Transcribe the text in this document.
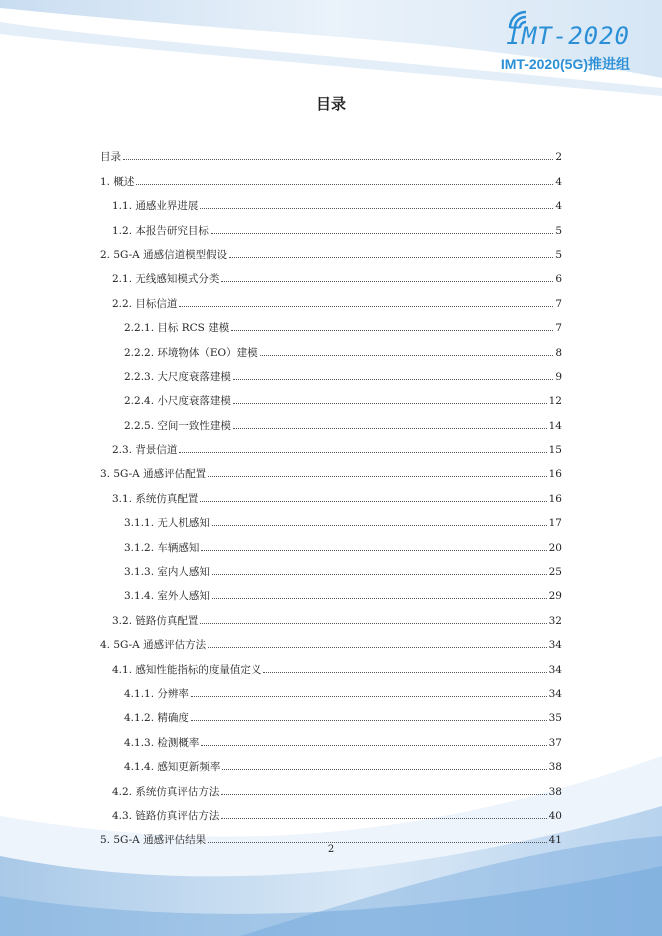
IMT-2020
IMT-2020(5G)推进组
目录
目录	2
1. 概述	4
1.1. 通感业界进展	4
1.2. 本报告研究目标	5
2. 5G-A 通感信道模型假设	5
2.1. 无线感知模式分类	6
2.2. 目标信道	7
2.2.1. 目标 RCS 建模	7
2.2.2. 环境物体（EO）建模	8
2.2.3. 大尺度衰落建模	9
2.2.4. 小尺度衰落建模	12
2.2.5. 空间一致性建模	14
2.3. 背景信道	15
3. 5G-A 通感评估配置	16
3.1. 系统仿真配置	16
3.1.1. 无人机感知	17
3.1.2. 车辆感知	20
3.1.3. 室内人感知	25
3.1.4. 室外人感知	29
3.2. 链路仿真配置	32
4. 5G-A 通感评估方法	34
4.1. 感知性能指标的度量值定义	34
4.1.1. 分辨率	34
4.1.2. 精确度	35
4.1.3. 检测概率	37
4.1.4. 感知更新频率	38
4.2. 系统仿真评估方法	38
4.3. 链路仿真评估方法	40
5. 5G-A 通感评估结果	41
2
